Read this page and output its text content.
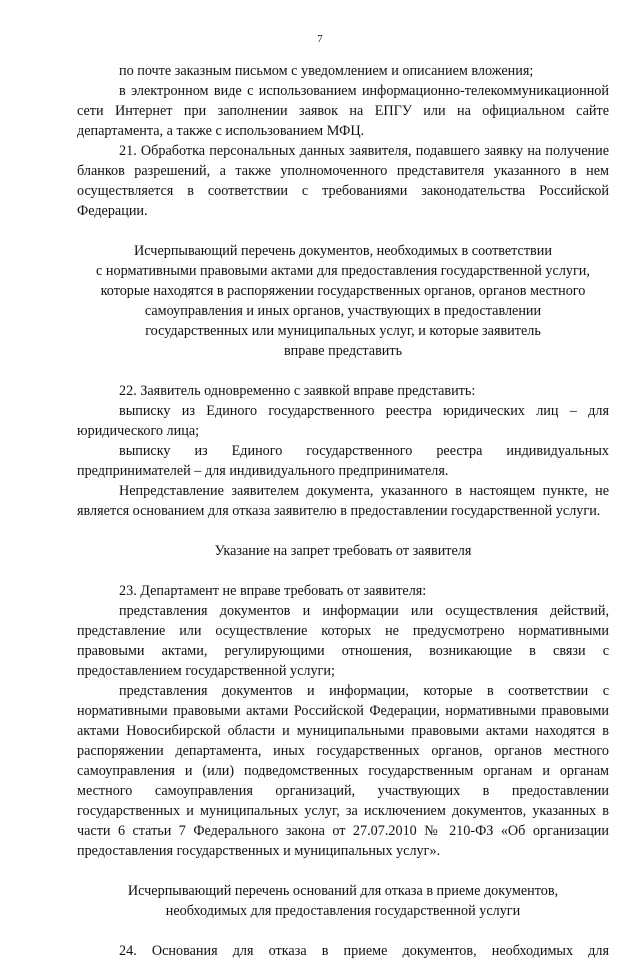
7

по почте заказным письмом с уведомлением и описанием вложения;

в электронном виде с использованием информационно-телекоммуникационной сети Интернет при заполнении заявок на ЕПГУ или на официальном сайте департамента, а также с использованием МФЦ.

21. Обработка персональных данных заявителя, подавшего заявку на получение бланков разрешений, а также уполномоченного представителя указанного в нем осуществляется в соответствии с требованиями законодательства Российской Федерации.

Исчерпывающий перечень документов, необходимых в соответствии
с нормативными правовыми актами для предоставления государственной услуги,
которые находятся в распоряжении государственных органов, органов местного
самоуправления и иных органов, участвующих в предоставлении
государственных или муниципальных услуг, и которые заявитель
вправе представить

22. Заявитель одновременно с заявкой вправе представить:

выписку из Единого государственного реестра юридических лиц – для юридического лица;

выписку из Единого государственного реестра индивидуальных предпринимателей – для индивидуального предпринимателя.

Непредставление заявителем документа, указанного в настоящем пункте, не является основанием для отказа заявителю в предоставлении государственной услуги.

Указание на запрет требовать от заявителя

23. Департамент не вправе требовать от заявителя:

представления документов и информации или осуществления действий, представление или осуществление которых не предусмотрено нормативными правовыми актами, регулирующими отношения, возникающие в связи с предоставлением государственной услуги;

представления документов и информации, которые в соответствии с нормативными правовыми актами Российской Федерации, нормативными правовыми актами Новосибирской области и муниципальными правовыми актами находятся в распоряжении департамента, иных государственных органов, органов местного самоуправления и (или) подведомственных государственным органам и органам местного самоуправления организаций, участвующих в предоставлении государственных и муниципальных услуг, за исключением документов, указанных в части 6 статьи 7 Федерального закона от 27.07.2010 № 210-ФЗ «Об организации предоставления государственных и муниципальных услуг».

Исчерпывающий перечень оснований для отказа в приеме документов,
необходимых для предоставления государственной услуги

24. Основания для отказа в приеме документов, необходимых для
